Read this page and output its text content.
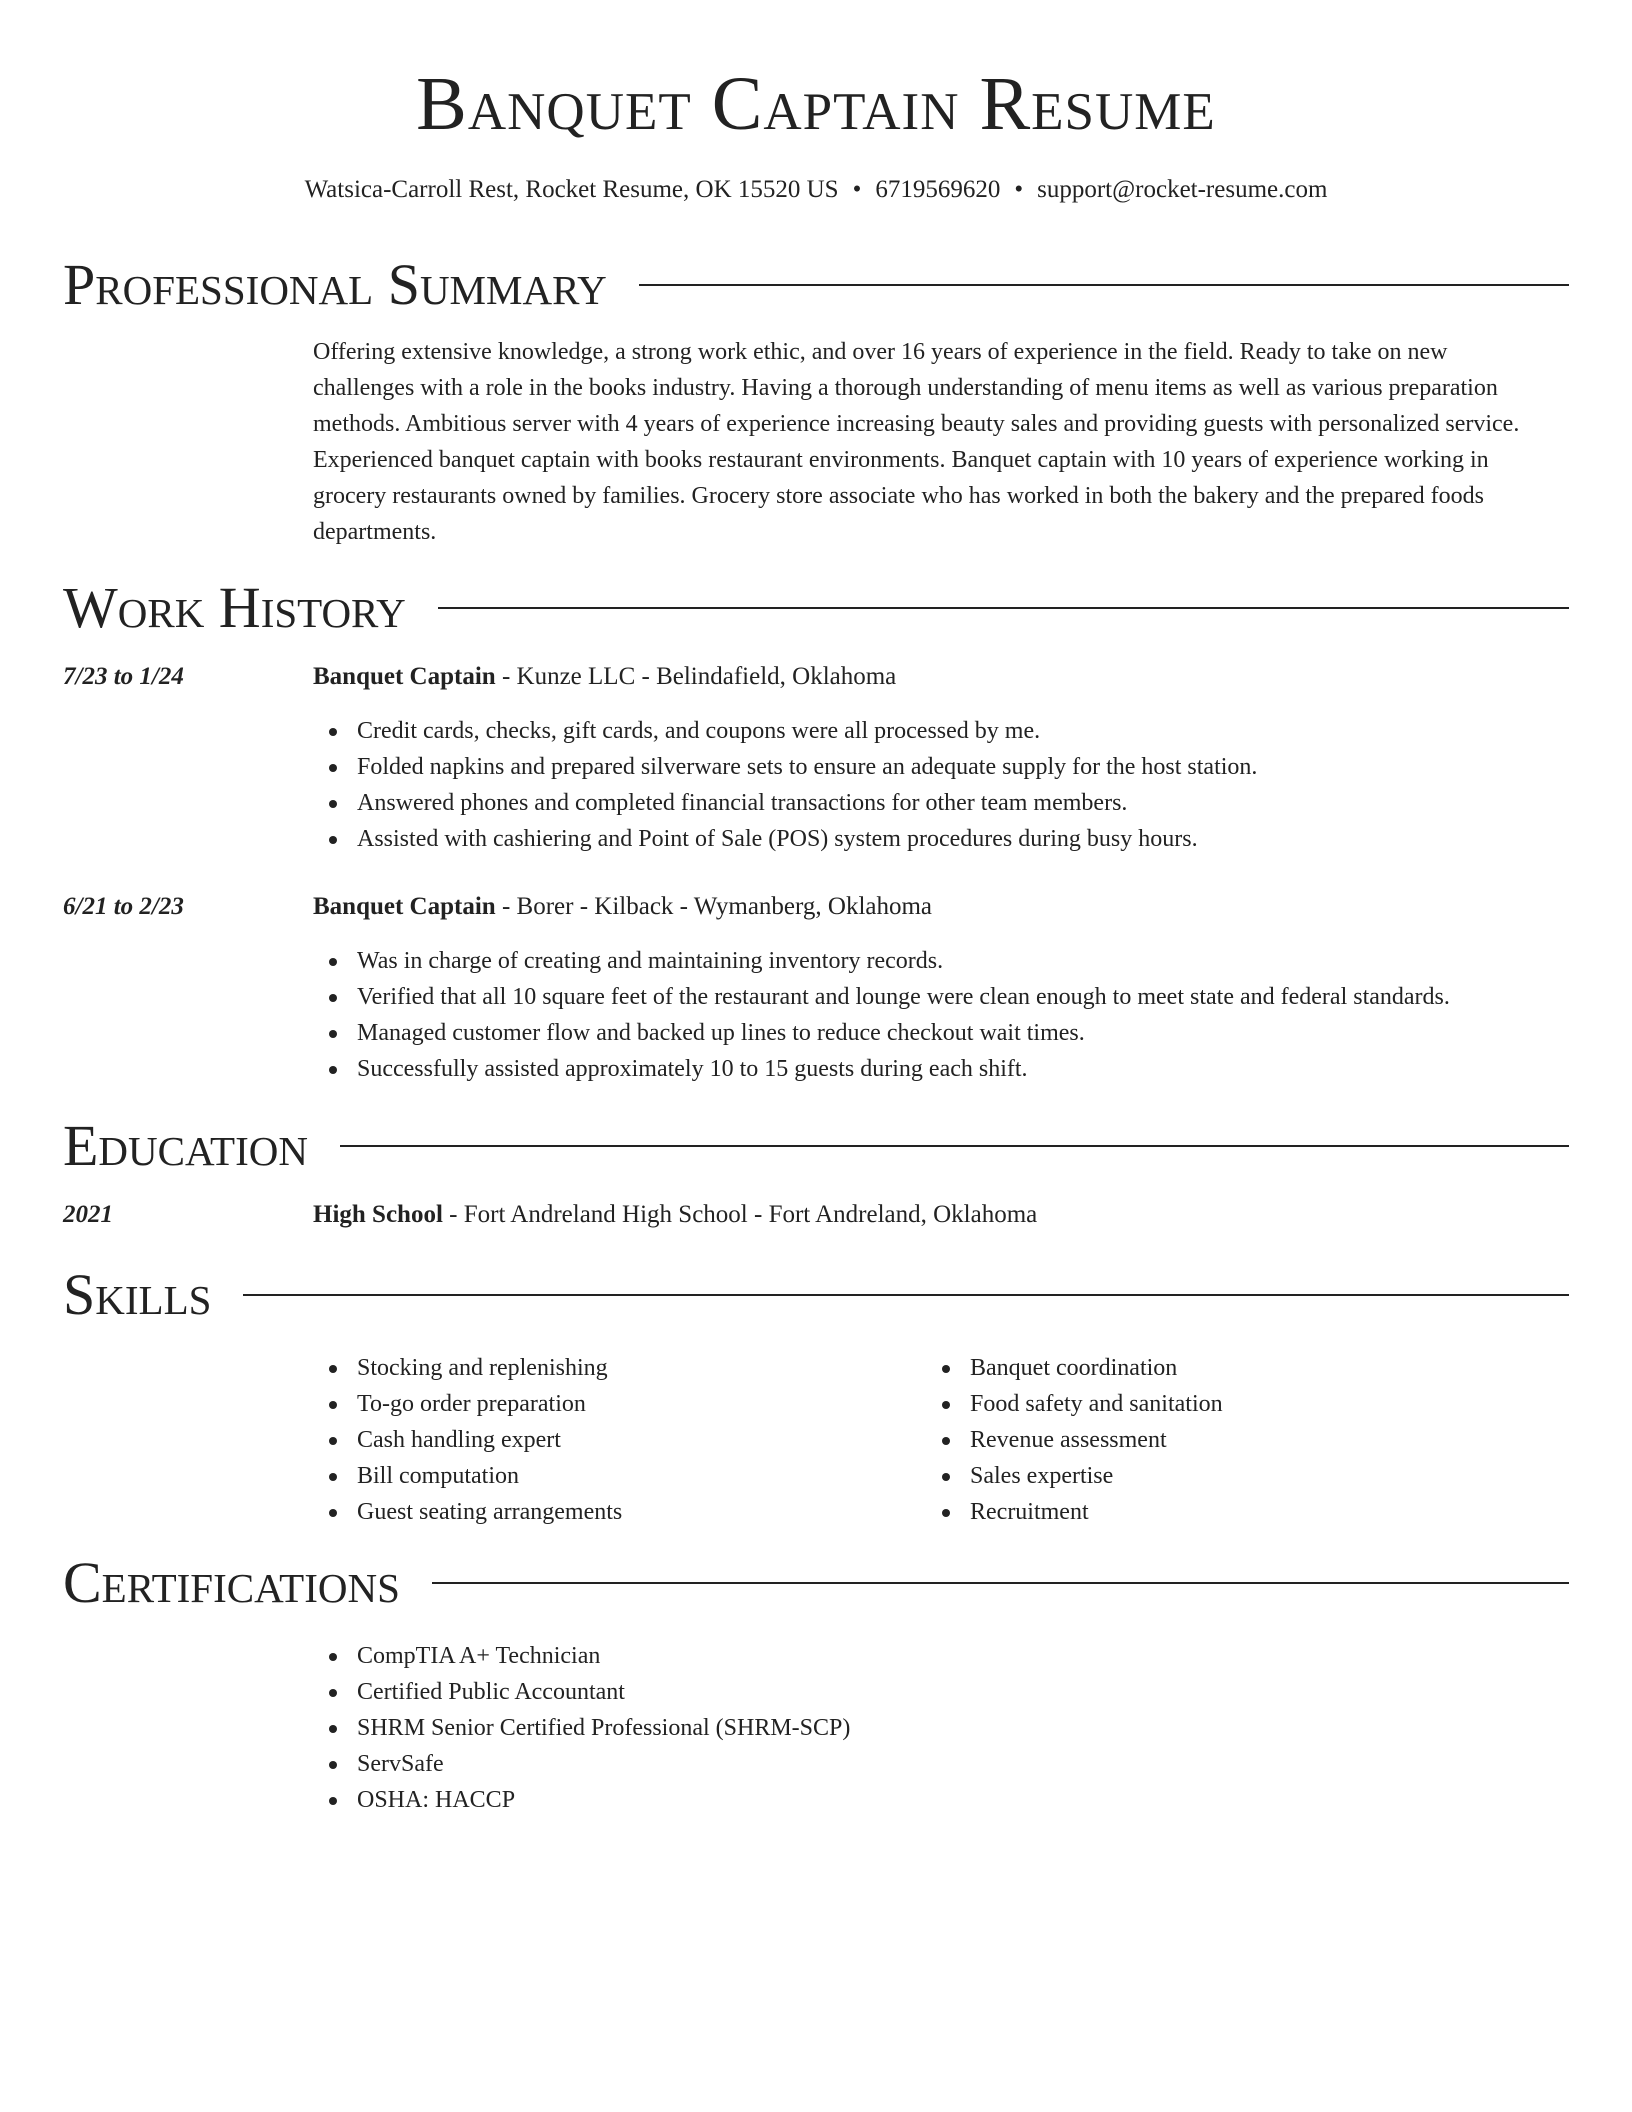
Banquet Captain Resume
Watsica-Carroll Rest, Rocket Resume, OK 15520 US • 6719569620 • support@rocket-resume.com
Professional Summary
Offering extensive knowledge, a strong work ethic, and over 16 years of experience in the field. Ready to take on new challenges with a role in the books industry. Having a thorough understanding of menu items as well as various preparation methods. Ambitious server with 4 years of experience increasing beauty sales and providing guests with personalized service. Experienced banquet captain with books restaurant environments. Banquet captain with 10 years of experience working in grocery restaurants owned by families. Grocery store associate who has worked in both the bakery and the prepared foods departments.
Work History
7/23 to 1/24	Banquet Captain - Kunze LLC - Belindafield, Oklahoma
Credit cards, checks, gift cards, and coupons were all processed by me.
Folded napkins and prepared silverware sets to ensure an adequate supply for the host station.
Answered phones and completed financial transactions for other team members.
Assisted with cashiering and Point of Sale (POS) system procedures during busy hours.
6/21 to 2/23	Banquet Captain - Borer - Kilback - Wymanberg, Oklahoma
Was in charge of creating and maintaining inventory records.
Verified that all 10 square feet of the restaurant and lounge were clean enough to meet state and federal standards.
Managed customer flow and backed up lines to reduce checkout wait times.
Successfully assisted approximately 10 to 15 guests during each shift.
Education
2021	High School - Fort Andreland High School - Fort Andreland, Oklahoma
Skills
Stocking and replenishing
To-go order preparation
Cash handling expert
Bill computation
Guest seating arrangements
Banquet coordination
Food safety and sanitation
Revenue assessment
Sales expertise
Recruitment
Certifications
CompTIA A+ Technician
Certified Public Accountant
SHRM Senior Certified Professional (SHRM-SCP)
ServSafe
OSHA: HACCP
